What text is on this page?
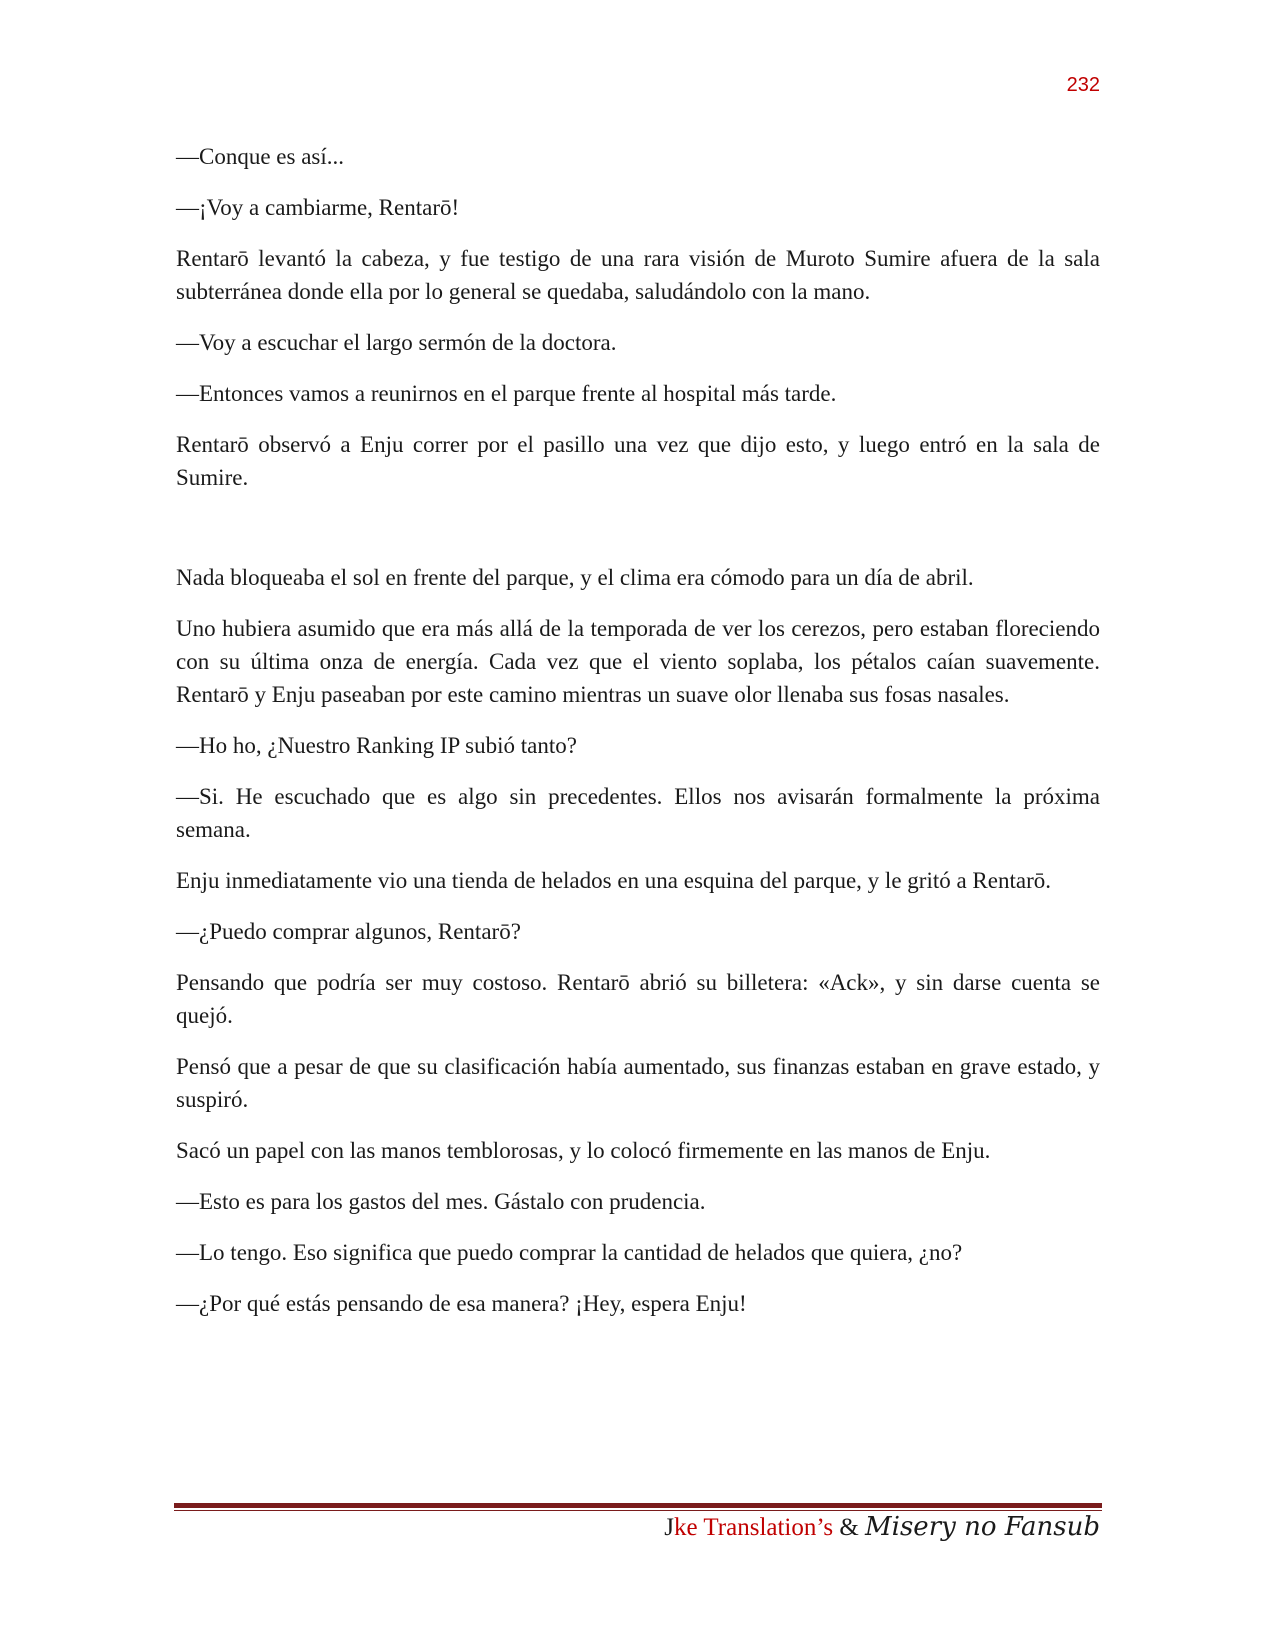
232

—Conque es así...

—¡Voy a cambiarme, Rentarō!

Rentarō levantó la cabeza, y fue testigo de una rara visión de Muroto Sumire afuera de la sala subterránea donde ella por lo general se quedaba, saludándolo con la mano.

—Voy a escuchar el largo sermón de la doctora.

—Entonces vamos a reunirnos en el parque frente al hospital más tarde.

Rentarō observó a Enju correr por el pasillo una vez que dijo esto, y luego entró en la sala de Sumire.

Nada bloqueaba el sol en frente del parque, y el clima era cómodo para un día de abril.

Uno hubiera asumido que era más allá de la temporada de ver los cerezos, pero estaban floreciendo con su última onza de energía. Cada vez que el viento soplaba, los pétalos caían suavemente. Rentarō y Enju paseaban por este camino mientras un suave olor llenaba sus fosas nasales.

—Ho ho, ¿Nuestro Ranking IP subió tanto?

—Si. He escuchado que es algo sin precedentes. Ellos nos avisarán formalmente la próxima semana.

Enju inmediatamente vio una tienda de helados en una esquina del parque, y le gritó a Rentarō.

—¿Puedo comprar algunos, Rentarō?

Pensando que podría ser muy costoso. Rentarō abrió su billetera: «Ack», y sin darse cuenta se quejó.

Pensó que a pesar de que su clasificación había aumentado, sus finanzas estaban en grave estado, y suspiró.

Sacó un papel con las manos temblorosas, y lo colocó firmemente en las manos de Enju.

—Esto es para los gastos del mes. Gástalo con prudencia.

—Lo tengo. Eso significa que puedo comprar la cantidad de helados que quiera, ¿no?

—¿Por qué estás pensando de esa manera? ¡Hey, espera Enju!

Jke Translation’s & Misery no Fansub
